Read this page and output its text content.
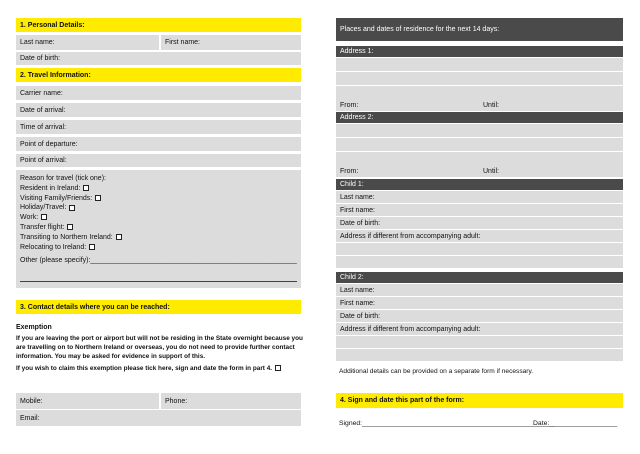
1. Personal Details:
Last name:	First name:
Date of birth:
2. Travel Information:
Carrier name:
Date of arrival:
Time of arrival:
Point of departure:
Point of arrival:
Reason for travel (tick one):
Resident in Ireland:
Visiting Family/Friends:
Holiday/Travel:
Work:
Transfer flight:
Transiting to Northern Ireland:
Relocating to Ireland:
Other (please specify):_____________________________________________________
3. Contact details where you can be reached:
Exemption
If you are leaving the port or airport but will not be residing in the State overnight because you are travelling on to Northern Ireland or overseas, you do not need to provide further contact information. You may be asked for evidence in support of this.
If you wish to claim this exemption please tick here, sign and date the form in part 4.
Mobile:	Phone:
Email:
Places and dates of residence for the next 14 days:
Address 1:
From:	Until:
Address 2:
From:	Until:
Child 1:
Last name:
First name:
Date of birth:
Address if different from accompanying adult:
Child 2:
Last name:
First name:
Date of birth:
Address if different from accompanying adult:
Additional details can be provided on a separate form if necessary.
4. Sign and date this part of the form:
Signed:___________________________________________________
Date:__________________
